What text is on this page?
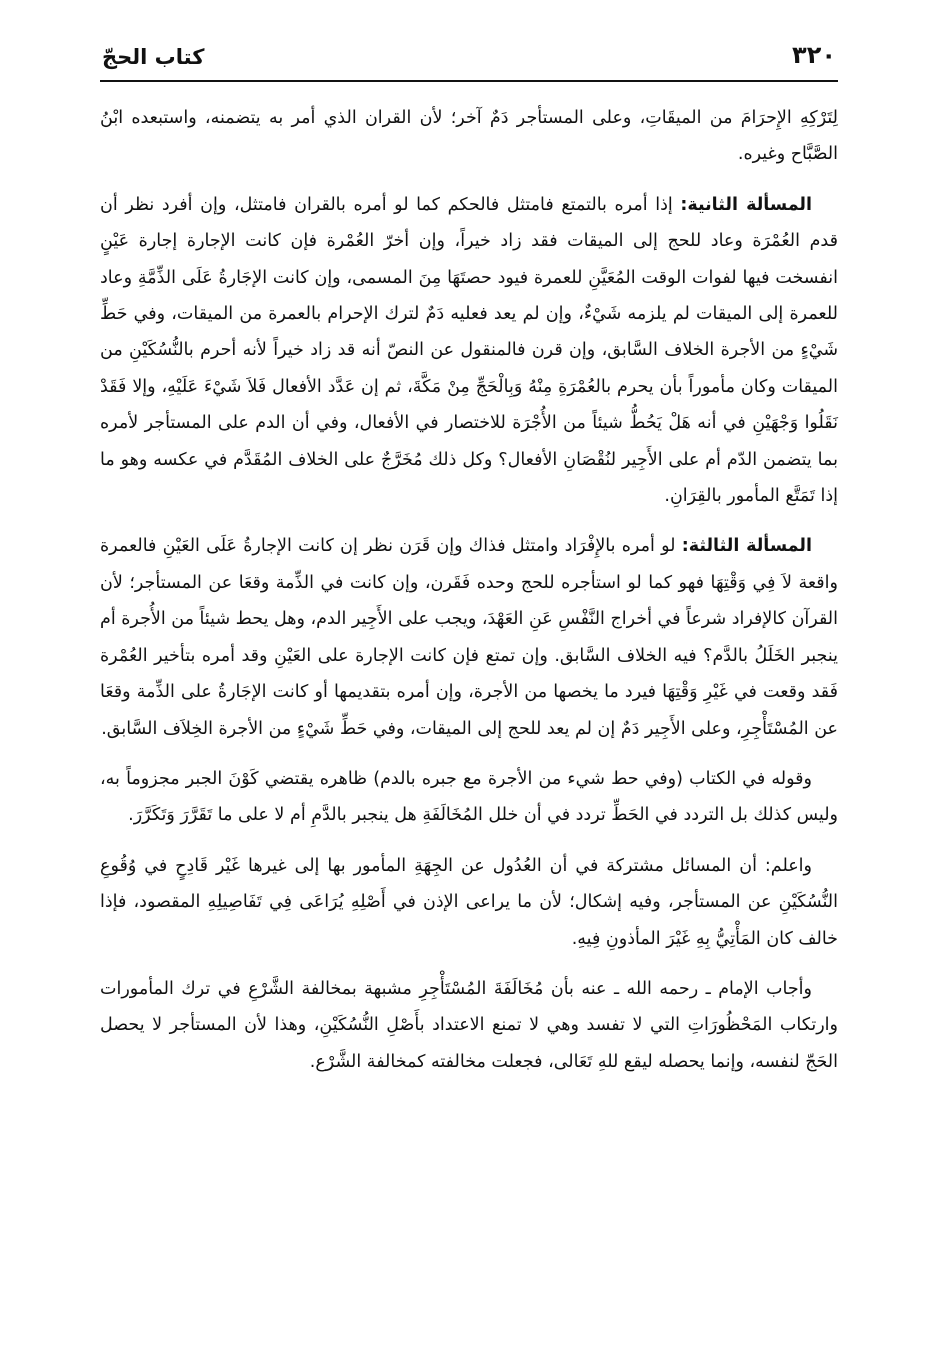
٣٢٠
كتاب الحجّ

لِتَرْكِهِ الإِحرَامَ من الميقَاتِ، وعلى المستأجر دَمٌ آخر؛ لأن القران الذي أمر به يتضمنه، واستبعده ابْنُ الصَّبَّاح وغيره.

المسألة الثانية: إذا أمره بالتمتع فامتثل فالحكم كما لو أمره بالقران فامتثل، وإن أفرد نظر أن قدم العُمْرَة وعاد للحج إلى الميقات فقد زاد خيراً، وإن أخرّ العُمْرة فإن كانت الإجارة إجارة عَيْنٍ انفسخت فيها لفوات الوقت المُعَيَّنِ للعمرة فيود حصتَهَا مِنَ المسمى، وإن كانت الإجَارةُ عَلَى الذِّمَّةِ وعاد للعمرة إلى الميقات لم يلزمه شَيْءٌ، وإن لم يعد فعليه دَمٌ لترك الإحرام بالعمرة من الميقات، وفي حَطِّ شَيْءٍ من الأجرة الخلاف السَّابق، وإن قرن فالمنقول عن النصّ أنه قد زاد خيراً لأنه أحرم بالنُّسُكَيْنِ من الميقات وكان مأموراً بأن يحرم بالعُمْرَةِ مِنْهُ وَبِالْحَجِّ مِنْ مَكَّةَ، ثم إن عَدَّد الأفعال فَلاَ شَيْءَ عَلَيْهِ، وإلا فَقَدْ نَقَلُوا وَجْهَيْنِ في أنه هَلْ يَحُطُّ شيئاً من الأُجْرَة للاختصار في الأفعال، وفي أن الدم على المستأجر لأمره بما يتضمن الدّم أم على الأَجِير لنُقْصَانِ الأفعال؟ وكل ذلك مُخَرَّجٌ على الخلاف المُقَدَّم في عكسه وهو ما إذا تَمَتَّع المأمور بالقِرَانِ.

المسألة الثالثة: لو أمره بالإِفْرَاد وامتثل فذاك وإن قَرَن نظر إن كانت الإجارةُ عَلَى العَيْنِ فالعمرة واقعة لاَ فِي وَقْتِهَا فهو كما لو استأجره للحج وحده فَقَرن، وإن كانت في الذِّمة وقعَا عن المستأجر؛ لأن القرآن كالإفراد شرعاً في أخراج النَّفْسِ عَنِ العَهْدَ، ويجب على الأَجِير الدم، وهل يحط شيئاً من الأُجرة أم ينجبر الخَلَلُ بالدَّم؟ فيه الخلاف السَّابق. وإن تمتع فإن كانت الإجارة على العَيْنِ وقد أمره بتأخير العُمْرة فَقد وقعت في غَيْرِ وَقْتِهَا فيرد ما يخصها من الأجرة، وإن أمره بتقديمها أو كانت الإجَارةُ على الذِّمة وقعَا عن المُسْتَأْجِرِ، وعلى الأَجِير دَمٌ إن لم يعد للحج إلى الميقات، وفي حَطِّ شَيْءٍ من الأجرة الخِلاَف السَّابق.

وقوله في الكتاب (وفي حط شيء من الأجرة مع جبره بالدم) ظاهره يقتضي كَوْنَ الجبر مجزوماً به، وليس كذلك بل التردد في الحَطِّ تردد في أن خلل المُخَالَفَةِ هل ينجبر بالدَّمِ أم لا على ما تَقَرَّرَ وَتَكَرَّرَ.

واعلم: أن المسائل مشتركة في أن العُدُول عن الجِهَةِ المأمور بها إلى غيرها غَيْر قَادِحٍ في وُقُوعِ النُّسُكَيْنِ عن المستأجر، وفيه إشكال؛ لأن ما يراعى الإذن في أَصْلِهِ يُرَاعَى فِي تَفَاصِيلِهِ المقصود، فإذا خالف كان المَأْتِيُّ بِهِ غَيْرَ المأذونِ فِيهِ.

وأجاب الإمام ـ رحمه الله ـ عنه بأن مُخَالَفَةَ المُسْتَأْجِرِ مشبهة بمخالفة الشَّرْعِ في ترك المأمورات وارتكاب المَحْظُورَاتِ التي لا تفسد وهي لا تمنع الاعتداد بأَصْلِ النُّسُكَيْنِ، وهذا لأن المستأجر لا يحصل الحَجّ لنفسه، وإنما يحصله ليقع للهِ تَعَالى، فجعلت مخالفته كمخالفة الشَّرْع.
